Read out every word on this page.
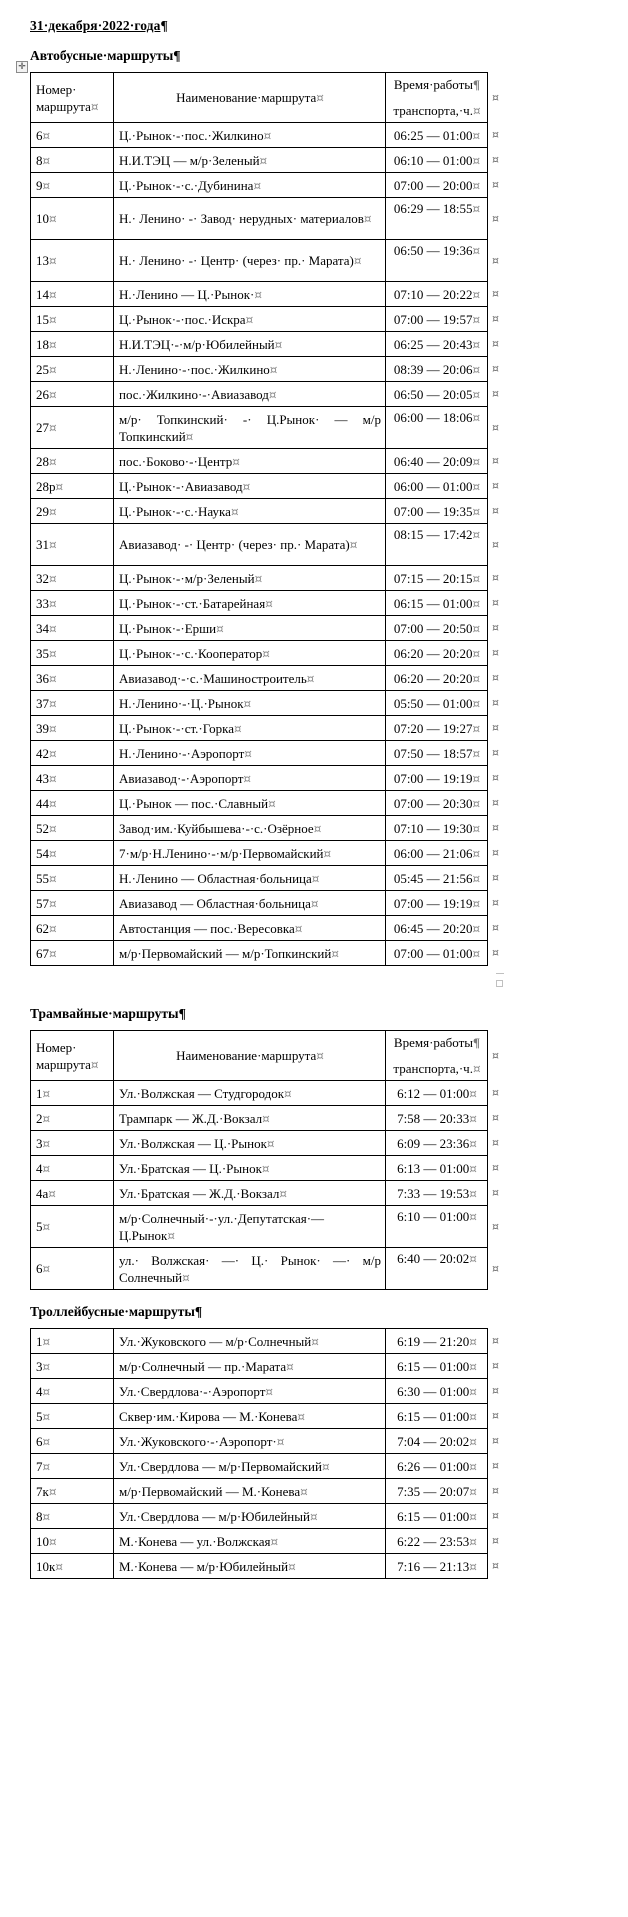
31·декабря·2022·года¶
Автобусные·маршруты¶
✛
Номер·
маршрута¤	Наименование·маршрута¤	Время·работы¶
транспорта,·ч.¤

6¤	Ц.·Рынок·-·пос.·Жилкино¤	06:25 — 01:00¤
8¤	Н.И.ТЭЦ — м/р·Зеленый¤	06:10 — 01:00¤
9¤	Ц.·Рынок·-·с.·Дубинина¤	07:00 — 20:00¤
10¤	Н.· Ленино· -· Завод· нерудных· материалов¤	06:29 — 18:55¤
13¤	Н.· Ленино· -· Центр· (через· пр.· Марата)¤	06:50 — 19:36¤
14¤	Н.·Ленино — Ц.·Рынок·¤	07:10 — 20:22¤
15¤	Ц.·Рынок·-·пос.·Искра¤	07:00 — 19:57¤
18¤	Н.И.ТЭЦ·-·м/р·Юбилейный¤	06:25 — 20:43¤
25¤	Н.·Ленино·-·пос.·Жилкино¤	08:39 — 20:06¤
26¤	пос.·Жилкино·-·Авиазавод¤	06:50 — 20:05¤
27¤	м/р· Топкинский· -· Ц.Рынок· — м/р Топкинский¤	06:00 — 18:06¤
28¤	пос.·Боково·-·Центр¤	06:40 — 20:09¤
28р¤	Ц.·Рынок·-·Авиазавод¤	06:00 — 01:00¤
29¤	Ц.·Рынок·-·с.·Наука¤	07:00 — 19:35¤
31¤	Авиазавод· -· Центр· (через· пр.· Марата)¤	08:15 — 17:42¤
32¤	Ц.·Рынок·-·м/р·Зеленый¤	07:15 — 20:15¤
33¤	Ц.·Рынок·-·ст.·Батарейная¤	06:15 — 01:00¤
34¤	Ц.·Рынок·-·Ерши¤	07:00 — 20:50¤
35¤	Ц.·Рынок·-·с.·Кооператор¤	06:20 — 20:20¤
36¤	Авиазавод·-·с.·Машиностроитель¤	06:20 — 20:20¤
37¤	Н.·Ленино·-·Ц.·Рынок¤	05:50 — 01:00¤
39¤	Ц.·Рынок·-·ст.·Горка¤	07:20 — 19:27¤
42¤	Н.·Ленино·-·Аэропорт¤	07:50 — 18:57¤
43¤	Авиазавод·-·Аэропорт¤	07:00 — 19:19¤
44¤	Ц.·Рынок — пос.·Славный¤	07:00 — 20:30¤
52¤	Завод·им.·Куйбышева·-·с.·Озёрное¤	07:10 — 19:30¤
54¤	7·м/р·Н.Ленино·-·м/р·Первомайский¤	06:00 — 21:06¤
55¤	Н.·Ленино — Областная·больница¤	05:45 — 21:56¤
57¤	Авиазавод — Областная·больница¤	07:00 — 19:19¤
62¤	Автостанция — пос.·Вересовка¤	06:45 — 20:20¤
67¤	м/р·Первомайский — м/р·Топкинский¤	07:00 — 01:00¤
¤
¤
¤
¤
¤
¤
¤
¤
¤
¤
¤
¤
¤
¤
¤
¤
¤
¤
¤
¤
¤
¤
¤
¤
¤
¤
¤
¤
¤
¤
¤
¤
Трамвайные·маршруты¶
Номер·
маршрута¤	Наименование·маршрута¤	Время·работы¶
транспорта,·ч.¤

1¤	Ул.·Волжская — Студгородок¤	6:12 — 01:00¤
2¤	Трампарк — Ж.Д.·Вокзал¤	7:58 — 20:33¤
3¤	Ул.·Волжская — Ц.·Рынок¤	6:09 — 23:36¤
4¤	Ул.·Братская — Ц.·Рынок¤	6:13 — 01:00¤
4а¤	Ул.·Братская — Ж.Д.·Вокзал¤	7:33 — 19:53¤
5¤	м/р·Солнечный·-·ул.·Депутатская·— Ц.Рынок¤	6:10 — 01:00¤
6¤	ул.· Волжская· —· Ц.· Рынок· —· м/р Солнечный¤	6:40 — 20:02¤
¤
¤
¤
¤
¤
¤
¤
¤
Троллейбусные·маршруты¶
1¤	Ул.·Жуковского — м/р·Солнечный¤	6:19 — 21:20¤
3¤	м/р·Солнечный — пр.·Марата¤	6:15 — 01:00¤
4¤	Ул.·Свердлова·-·Аэропорт¤	6:30 — 01:00¤
5¤	Сквер·им.·Кирова — М.·Конева¤	6:15 — 01:00¤
6¤	Ул.·Жуковского·-·Аэропорт·¤	7:04 — 20:02¤
7¤	Ул.·Свердлова — м/р·Первомайский¤	6:26 — 01:00¤
7к¤	м/р·Первомайский — М.·Конева¤	7:35 — 20:07¤
8¤	Ул.·Свердлова — м/р·Юбилейный¤	6:15 — 01:00¤
10¤	М.·Конева — ул.·Волжская¤	6:22 — 23:53¤
10к¤	М.·Конева — м/р·Юбилейный¤	7:16 — 21:13¤
¤
¤
¤
¤
¤
¤
¤
¤
¤
¤
